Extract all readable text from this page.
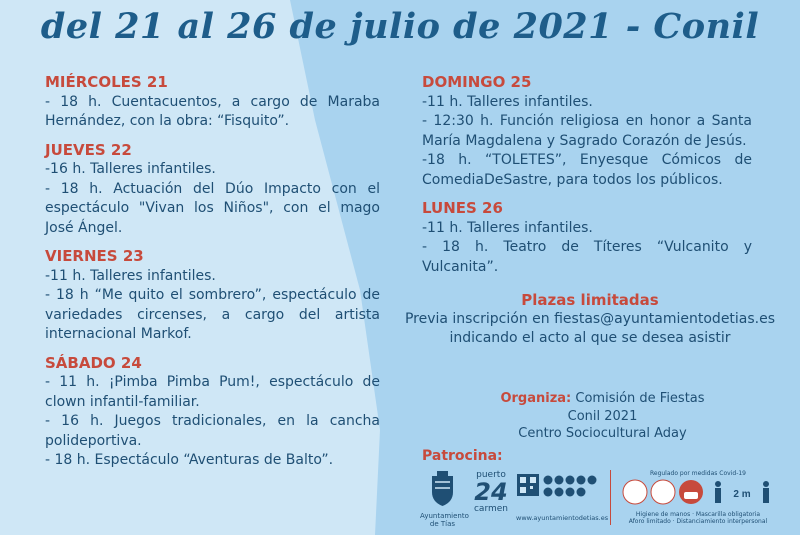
del 21 al 26 de julio de 2021 - Conil
MIÉRCOLES 21
- 18 h. Cuentacuentos, a cargo de Maraba Hernández, con la obra: “Fisquito”.
JUEVES 22
-16 h. Talleres infantiles.
- 18 h. Actuación del Dúo Impacto con el espectáculo "Vivan los Niños", con el mago José Ángel.
VIERNES 23
-11 h. Talleres infantiles.
- 18 h “Me quito el sombrero”, espectáculo de variedades circenses, a cargo del artista internacional Markof.
SÁBADO 24
- 11 h. ¡Pimba Pimba Pum!, espectáculo de clown infantil-familiar.
- 16 h. Juegos tradicionales, en la cancha polideportiva.
- 18 h. Espectáculo “Aventuras de Balto”.
DOMINGO 25
-11 h. Talleres infantiles.
- 12:30 h. Función religiosa en honor a Santa María Magdalena y Sagrado Corazón de Jesús.
-18 h. “TOLETES”, Enyesque Cómicos de ComediaDeSastre, para todos los públicos.
LUNES 26
-11 h. Talleres infantiles.
- 18 h. Teatro de Títeres “Vulcanito y Vulcanita”.
Plazas limitadas
Previa inscripción en fiestas@ayuntamientodetias.es
indicando el acto al que se desea asistir
Organiza: Comisión de Fiestas
Conil 2021
Centro Sociocultural Aday
Patrocina:
Ayuntamiento
de Tías
puerto
24
carmen
www.ayuntamientodetias.es
Regulado por medidas Covid-19
2 m
Higiene de manos · Mascarilla obligatoria
Aforo limitado · Distanciamiento interpersonal
